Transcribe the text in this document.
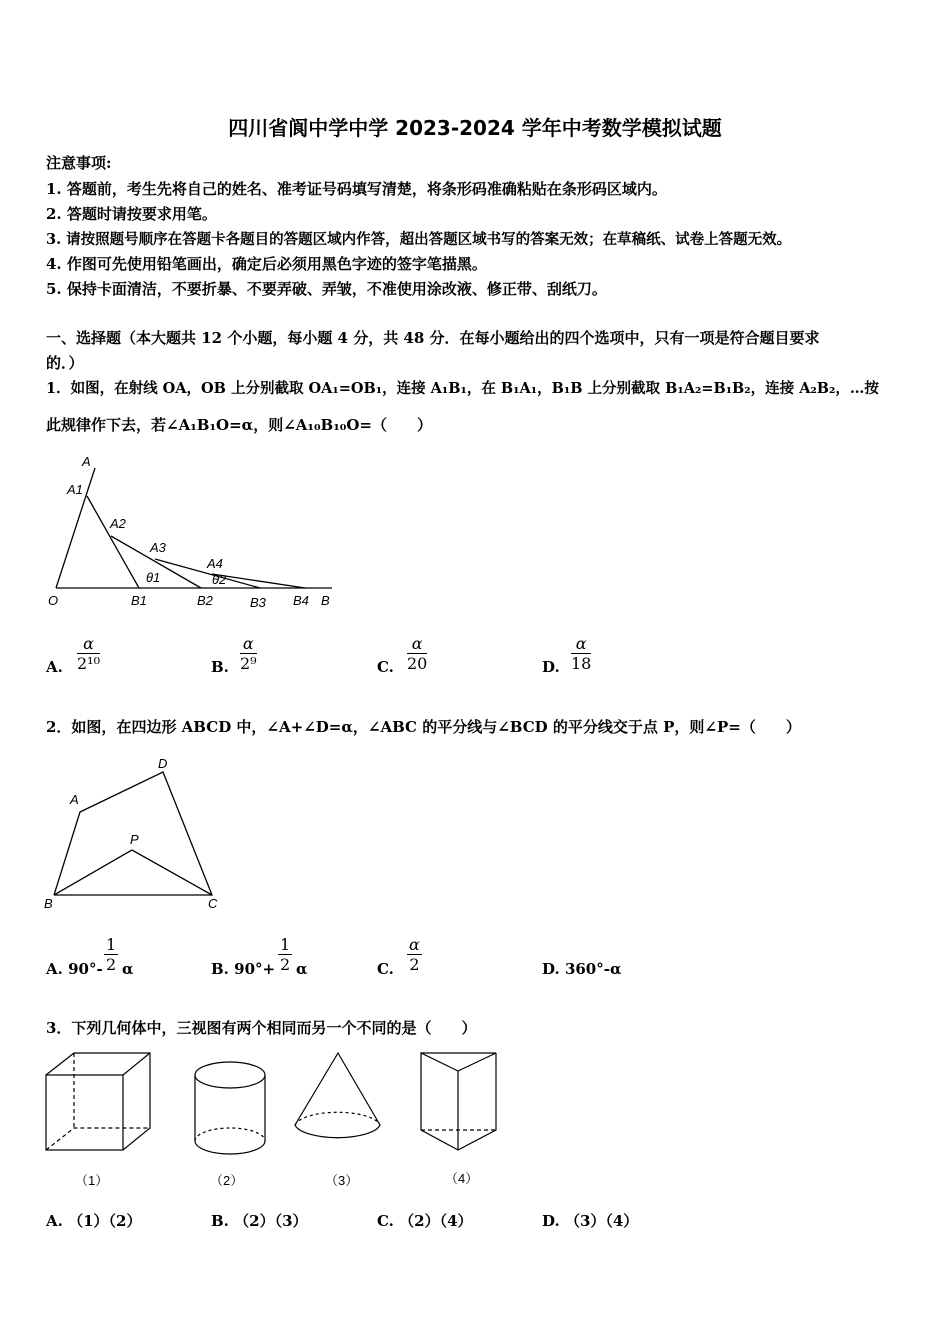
四川省阆中学中学 2023-2024 学年中考数学模拟试题
注意事项:
1. 答题前，考生先将自己的姓名、准考证号码填写清楚，将条形码准确粘贴在条形码区域内。
2. 答题时请按要求用笔。
3. 请按照题号顺序在答题卡各题目的答题区域内作答，超出答题区域书写的答案无效；在草稿纸、试卷上答题无效。
4. 作图可先使用铅笔画出，确定后必须用黑色字迹的签字笔描黑。
5. 保持卡面清洁，不要折暴、不要弄破、弄皱，不准使用涂改液、修正带、刮纸刀。
一、选择题（本大题共 12 个小题，每小题 4 分，共 48 分．在每小题给出的四个选项中，只有一项是符合题目要求
的．）
1．如图，在射线 OA，OB 上分别截取 OA₁=OB₁，连接 A₁B₁，在 B₁A₁，B₁B 上分别截取 B₁A₂=B₁B₂，连接 A₂B₂，…按
此规律作下去，若∠A₁B₁O=α，则∠A₁₀B₁₀O=（　　）
A
A1
A2
A3
A4
θ1	θ2
O	B1	B2	B3 B4 B
A. $\frac{\alpha}{\text{2¹⁰}}$	B. $\frac{\alpha}{\text{2⁹}}$	C. $\frac{\alpha}{20}$	D. $\frac{\alpha}{18}$
2．如图，在四边形 ABCD 中，∠A+∠D=α，∠ABC 的平分线与∠BCD 的平分线交于点 P，则∠P=（　　）
A
B	C
D
P
A. $90^\circ- \frac{1}{2}$ α	B. $90^\circ+ \frac{1}{2}$ α	C. $\frac{\alpha}{2}$	D. 360°-α
3．下列几何体中，三视图有两个相同而另一个不同的是（　　）
（1）	（2）	（3）	（4）
A. （1）（2）	B. （2）（3）	C. （2）（4）	D. （3）（4）
